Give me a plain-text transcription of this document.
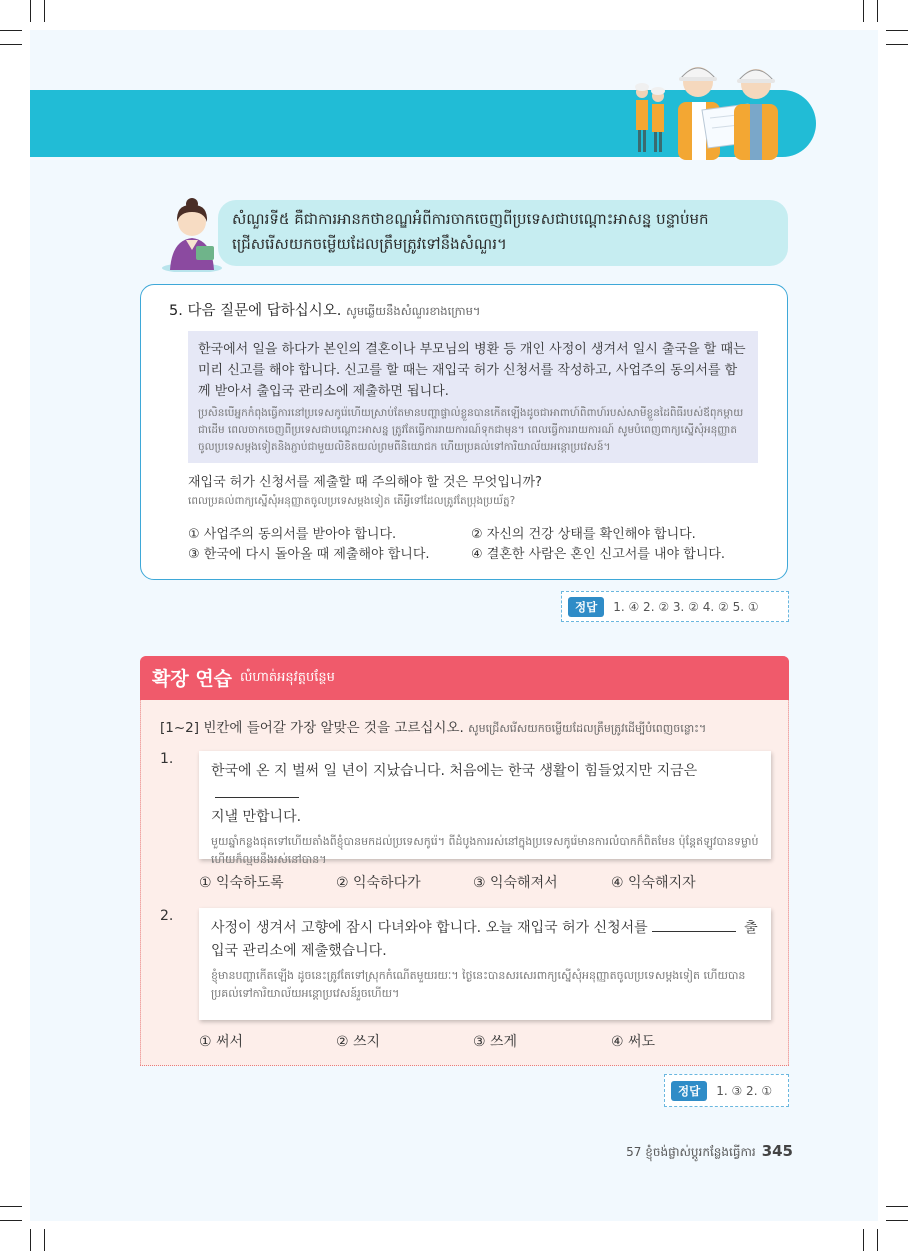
សំណួរទី៥ គឺជាការអានកថាខណ្ឌអំពីការចាកចេញពីប្រទេសជាបណ្ដោះអាសន្ន បន្ទាប់មកជ្រើសរើសយកចម្លើយដែលត្រឹមត្រូវទៅនឹងសំណួរ។
5. 다음 질문에 답하십시오. សូមឆ្លើយនឹងសំណួរខាងក្រោម។
한국에서 일을 하다가 본인의 결혼이나 부모님의 병환 등 개인 사정이 생겨서 일시 출국을 할 때는 미리 신고를 해야 합니다. 신고를 할 때는 재입국 허가 신청서를 작성하고, 사업주의 동의서를 함께 받아서 출입국 관리소에 제출하면 됩니다.
ប្រសិនបើអ្នកកំពុងធ្វើការនៅប្រទេសកូរ៉េហើយស្រាប់តែមានបញ្ហាផ្ទាល់ខ្លួនបានកើតឡើងដូចជាអាពាហ៍ពិពាហ៍របស់សាមីខ្លួនដៃពិធីរបស់ឪពុកម្ដាយជាដើម ពេលចាកចេញពីប្រទេសជាបណ្ដោះអាសន្ន ត្រូវតែធ្វើការរាយការណ៍ទុកជាមុន។ ពេលធ្វើការរាយការណ៍ សូមបំពេញពាក្យស្នើសុំអនុញ្ញាតចូលប្រទេសម្ដងទៀតនិងភ្ជាប់ជាមួយលិខិតយល់ព្រមពីនិយោជក ហើយប្រគល់ទៅការិយាល័យអន្តោប្រវេសន៍។
재입국 허가 신청서를 제출할 때 주의해야 할 것은 무엇입니까?
ពេលប្រគល់ពាក្យស្នើសុំអនុញ្ញាតចូលប្រទេសម្ដងទៀត តើអ្វីទៅដែលត្រូវតែប្រុងប្រយ័ត្ន?
① 사업주의 동의서를 받아야 합니다.	② 자신의 건강 상태를 확인해야 합니다.
③ 한국에 다시 돌아올 때 제출해야 합니다.	④ 결혼한 사람은 혼인 신고서를 내야 합니다.
정답	1. ④ 2. ② 3. ② 4. ② 5. ①
확장 연습 លំហាត់អនុវត្តបន្ថែម
[1~2] 빈칸에 들어갈 가장 알맞은 것을 고르십시오. សូមជ្រើសរើសយកចម្លើយដែលត្រឹមត្រូវដើម្បីបំពេញចន្លោះ។
1.
한국에 온 지 벌써 일 년이 지났습니다. 처음에는 한국 생활이 힘들었지만 지금은
지낼 만합니다.
មួយឆ្នាំកន្លងផុតទៅហើយតាំងពីខ្ញុំបានមកដល់ប្រទេសកូរ៉េ។ ពីដំបូងការរស់នៅក្នុងប្រទេសកូរ៉េមានការលំបាកក៏ពិតមែន ប៉ុន្តែឥឡូវបានទម្លាប់ហើយក៏ល្មមនឹងរស់នៅបាន។
① 익숙하도록	② 익숙하다가	③ 익숙해져서	④ 익숙해지자
2.
사정이 생겨서 고향에 잠시 다녀와야 합니다. 오늘 재입국 허가 신청서를	출입국 관리소에 제출했습니다.
ខ្ញុំមានបញ្ហាកើតឡើង ដូចនេះត្រូវតែទៅស្រុកកំណើតមួយរយៈ។ ថ្ងៃនេះបានសរសេរពាក្យស្នើសុំអនុញ្ញាតចូលប្រទេសម្ដងទៀត ហើយបានប្រគល់ទៅការិយាល័យអន្តោប្រវេសន៍រួចហើយ។
① 써서	② 쓰지	③ 쓰게	④ 써도
정답	1. ③ 2. ①
57 ខ្ញុំចង់ផ្លាស់ប្ដូរកន្លែងធ្វើការ 345
